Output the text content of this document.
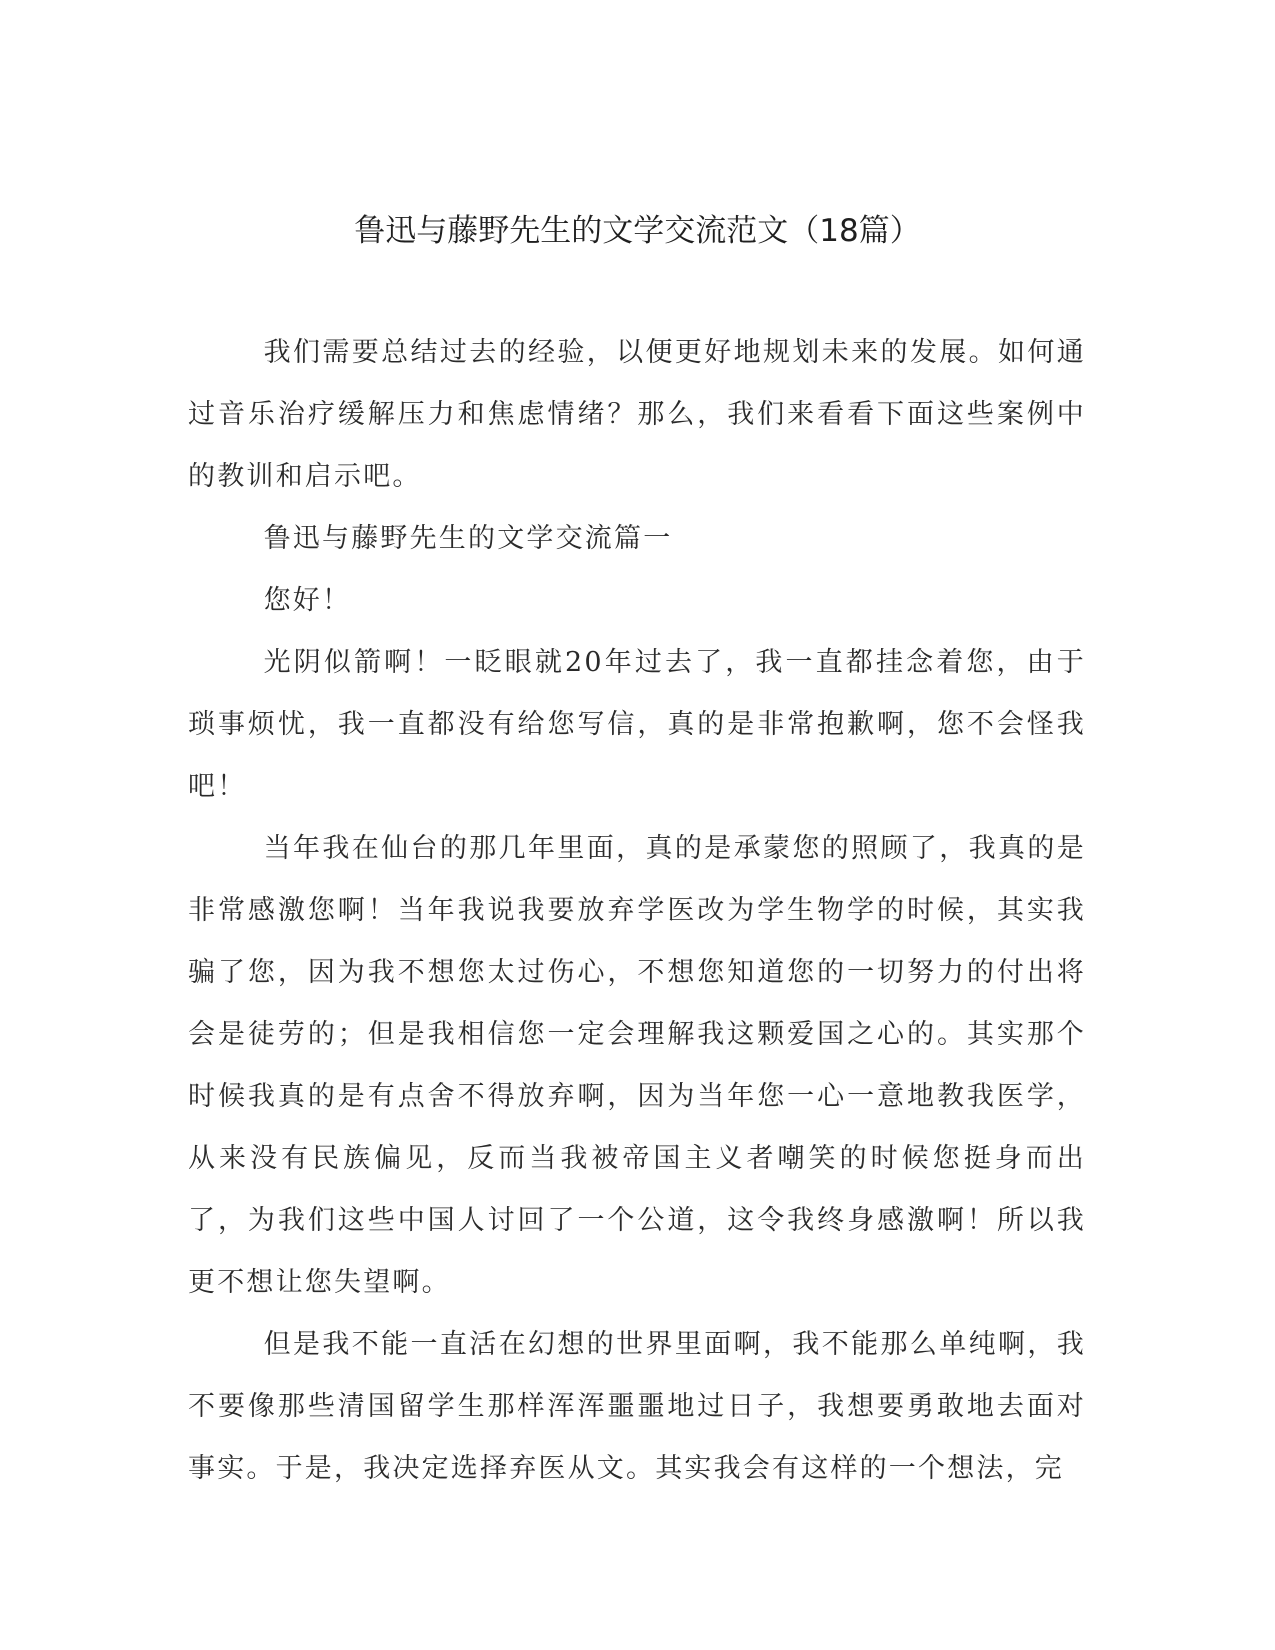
鲁迅与藤野先生的文学交流范文（18篇）

我们需要总结过去的经验，以便更好地规划未来的发展。如何通过音乐治疗缓解压力和焦虑情绪？那么，我们来看看下面这些案例中的教训和启示吧。

鲁迅与藤野先生的文学交流篇一

您好！

光阴似箭啊！一眨眼就20年过去了，我一直都挂念着您，由于琐事烦忧，我一直都没有给您写信，真的是非常抱歉啊，您不会怪我吧！

当年我在仙台的那几年里面，真的是承蒙您的照顾了，我真的是非常感激您啊！当年我说我要放弃学医改为学生物学的时候，其实我骗了您，因为我不想您太过伤心，不想您知道您的一切努力的付出将会是徒劳的；但是我相信您一定会理解我这颗爱国之心的。其实那个时候我真的是有点舍不得放弃啊，因为当年您一心一意地教我医学，从来没有民族偏见，反而当我被帝国主义者嘲笑的时候您挺身而出了，为我们这些中国人讨回了一个公道，这令我终身感激啊！所以我更不想让您失望啊。

但是我不能一直活在幻想的世界里面啊，我不能那么单纯啊，我不要像那些清国留学生那样浑浑噩噩地过日子，我想要勇敢地去面对事实。于是，我决定选择弃医从文。其实我会有这样的一个想法，完
